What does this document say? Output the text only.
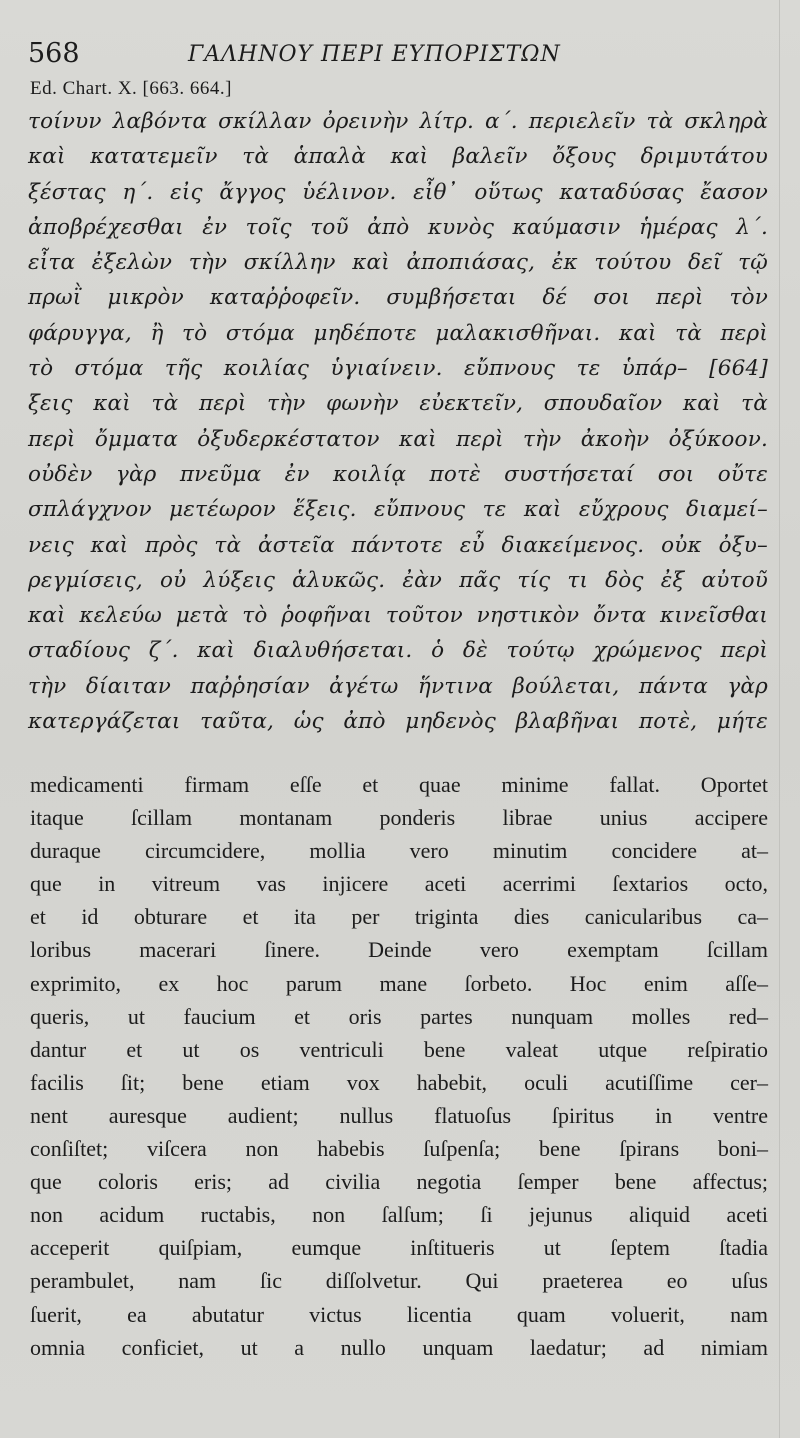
568	ΓΑΛΗΝΟΥ ΠΕΡΙ ΕΥΠΟΡΙΣΤΩΝ
Ed. Chart. X. [663. 664.]
τοίνυν λαβόντα σκίλλαν ὀρεινὴν λίτρ. α΄. περιελεῖν τὰ σκληρὰ
καὶ κατατεμεῖν τὰ ἁπαλὰ καὶ βαλεῖν ὄξους δριμυτάτου
ξέστας η΄. εἰς ἄγγος ὑέλινον. εἶθ᾽ οὕτως καταδύσας ἔασον
ἀποβρέχεσθαι ἐν τοῖς τοῦ ἀπὸ κυνὸς καύμασιν ἡμέρας λ΄.
εἶτα ἐξελὼν τὴν σκίλλην καὶ ἀποπιάσας, ἐκ τούτου δεῖ τῷ
πρωῒ μικρὸν καταῤῥοφεῖν. συμβήσεται δέ σοι περὶ τὸν
φάρυγγα, ἢ τὸ στόμα μηδέποτε μαλακισθῆναι. καὶ τὰ περὶ
τὸ στόμα τῆς κοιλίας ὑγιαίνειν. εὔπνους τε ὑπάρ– [664]
ξεις καὶ τὰ περὶ τὴν φωνὴν εὐεκτεῖν, σπουδαῖον καὶ τὰ
περὶ ὄμματα ὀξυδερκέστατον καὶ περὶ τὴν ἀκοὴν ὀξύκοον.
οὐδὲν γὰρ πνεῦμα ἐν κοιλίᾳ ποτὲ συστήσεταί σοι οὔτε
σπλάγχνον μετέωρον ἕξεις. εὔπνους τε καὶ εὔχρους διαμεί–
νεις καὶ πρὸς τὰ ἀστεῖα πάντοτε εὖ διακείμενος. οὐκ ὀξυ–
ρεγμίσεις, οὐ λύξεις ἁλυκῶς. ἐὰν πᾶς τίς τι δὸς ἐξ αὐτοῦ
καὶ κελεύω μετὰ τὸ ῥοφῆναι τοῦτον νηστικὸν ὄντα κινεῖσθαι
σταδίους ζ΄. καὶ διαλυθήσεται. ὁ δὲ τούτῳ χρώμενος περὶ
τὴν δίαιταν παῤῥησίαν ἀγέτω ἥντινα βούλεται, πάντα γὰρ
κατεργάζεται ταῦτα, ὡς ἀπὸ μηδενὸς βλαβῆναι ποτὲ, μήτε
medicamenti firmam eſſe et quae minime fallat. Oportet
itaque ſcillam montanam ponderis librae unius accipere
duraque circumcidere, mollia vero minutim concidere at–
que in vitreum vas injicere aceti acerrimi ſextarios octo,
et id obturare et ita per triginta dies canicularibus ca–
loribus macerari ſinere. Deinde vero exemptam ſcillam
exprimito, ex hoc parum mane ſorbeto. Hoc enim aſſe–
queris, ut faucium et oris partes nunquam molles red–
dantur et ut os ventriculi bene valeat utque reſpiratio
facilis ſit; bene etiam vox habebit, oculi acutiſſime cer–
nent auresque audient; nullus flatuoſus ſpiritus in ventre
conſiſtet; viſcera non habebis ſuſpenſa; bene ſpirans boni–
que coloris eris; ad civilia negotia ſemper bene affectus;
non acidum ructabis, non ſalſum; ſi jejunus aliquid aceti
acceperit quiſpiam, eumque inſtitueris ut ſeptem ſtadia
perambulet, nam ſic diſſolvetur. Qui praeterea eo uſus
ſuerit, ea abutatur victus licentia quam voluerit, nam
omnia conficiet, ut a nullo unquam laedatur; ad nimiam
